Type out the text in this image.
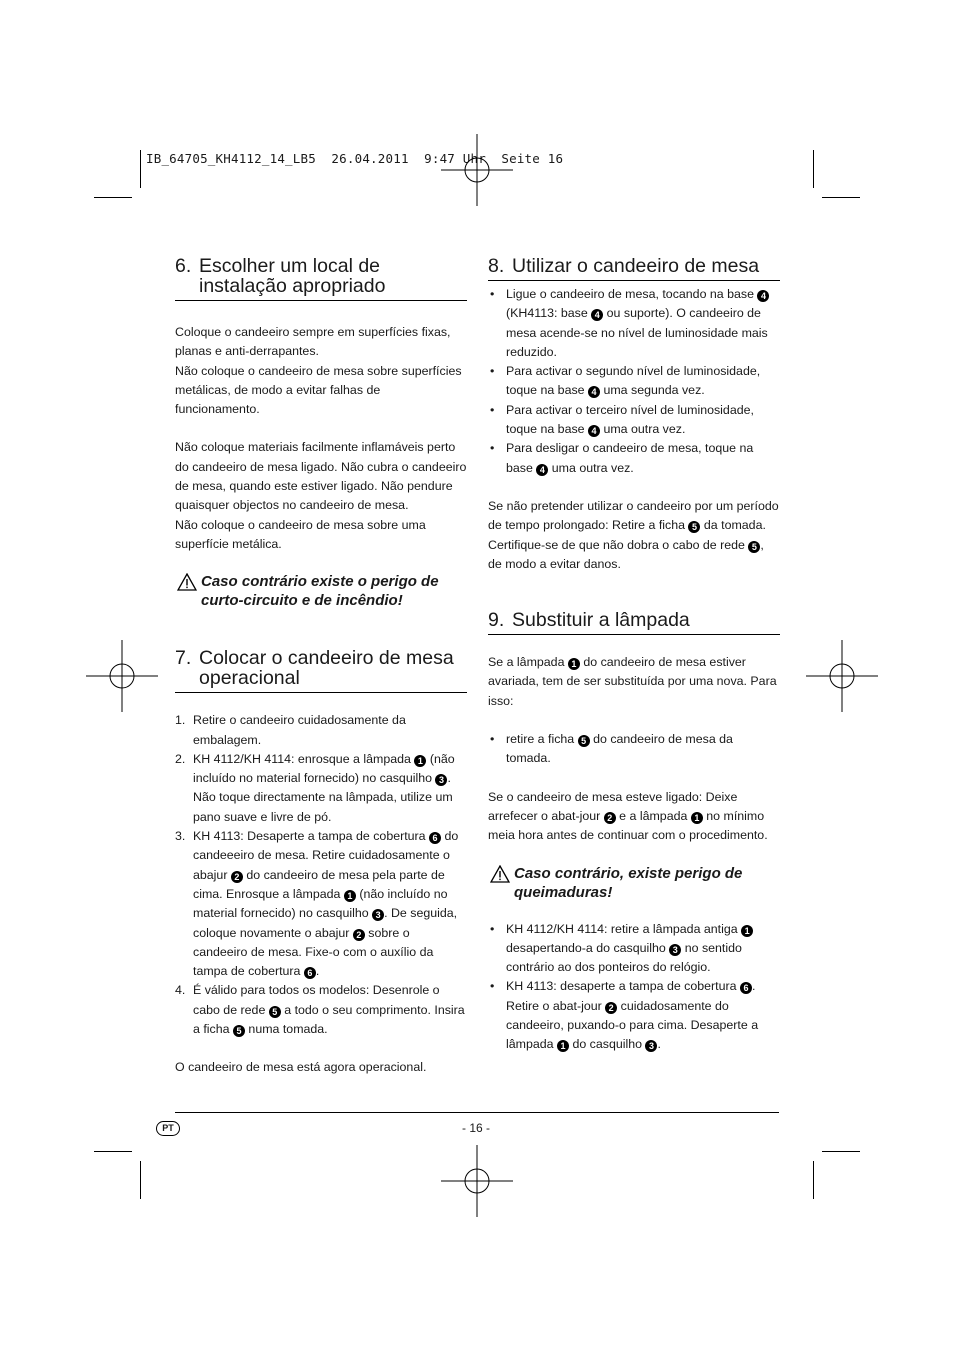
IB_64705_KH4112_14_LB5  26.04.2011  9:47 Uhr  Seite 16
6. Escolher um local de instalação apropriado

Coloque o candeeiro sempre em superfícies fixas, planas e anti-derrapantes.

Não coloque o candeeiro de mesa sobre superfícies metálicas, de modo a evitar falhas de funcionamento.

Não coloque materiais facilmente inflamáveis perto do candeeiro de mesa ligado. Não cubra o candeeiro de mesa, quando este estiver ligado. Não pendure quaisquer objectos no candeeiro de mesa.

Não coloque o candeeiro de mesa sobre uma superfície metálica.

Caso contrário existe o perigo de curto-circuito e de incêndio!
7. Colocar o candeeiro de mesa operacional
1. Retire o candeeiro cuidadosamente da embalagem.
2. KH 4112/KH 4114: enrosque a lâmpada 1 (não incluído no material fornecido) no casquilho 3 . Não toque directamente na lâmpada, utilize um pano suave e livre de pó.
3. KH 4113: Desaperte a tampa de cobertura 6 do candeeeiro de mesa. Retire cuidadosamente o abajur 2 do candeeiro de mesa pela parte de cima. Enrosque a lâmpada 1 (não incluído no material fornecido) no casquilho 3 . De seguida, coloque novamente o abajur 2 sobre o candeeiro de mesa. Fixe-o com o auxílio da tampa de cobertura 6 .
4. É válido para todos os modelos: Desenrole o cabo de rede 5 a todo o seu comprimento. Insira a ficha 5 numa tomada.

O candeeiro de mesa está agora operacional.

8. Utilizar o candeeiro de mesa
• Ligue o candeeiro de mesa, tocando na base 4 (KH4113: base 4 ou suporte). O candeeiro de mesa acende-se no nível de luminosidade mais reduzido.
• Para activar o segundo nível de luminosidade, toque na base 4 uma segunda vez.
• Para activar o terceiro nível de luminosidade, toque na base 4 uma outra vez.
• Para desligar o candeeiro de mesa, toque na base 4 uma outra vez.

Se não pretender utilizar o candeeiro por um período de tempo prolongado: Retire a ficha 5 da tomada. Certifique-se de que não dobra o cabo de rede 5 , de modo a evitar danos.

9. Substituir a lâmpada

Se a lâmpada 1 do candeeiro de mesa estiver avariada, tem de ser substituída por uma nova. Para isso:

• retire a ficha 5 do candeeiro de mesa da tomada.

Se o candeeiro de mesa esteve ligado: Deixe arrefecer o abat-jour 2 e a lâmpada 1 no mínimo meia hora antes de continuar com o procedimento.

Caso contrário, existe perigo de queimaduras!
• KH 4112/KH 4114: retire a lâmpada antiga 1 desapertando-a do casquilho 3 no sentido contrário ao dos ponteiros do relógio.
• KH 4113: desaperte a tampa de cobertura 6 . Retire o abat-jour 2 cuidadosamente do candeeiro, puxando-o para cima. Desaperte a lâmpada 1 do casquilho 3 .
PT	- 16 -
